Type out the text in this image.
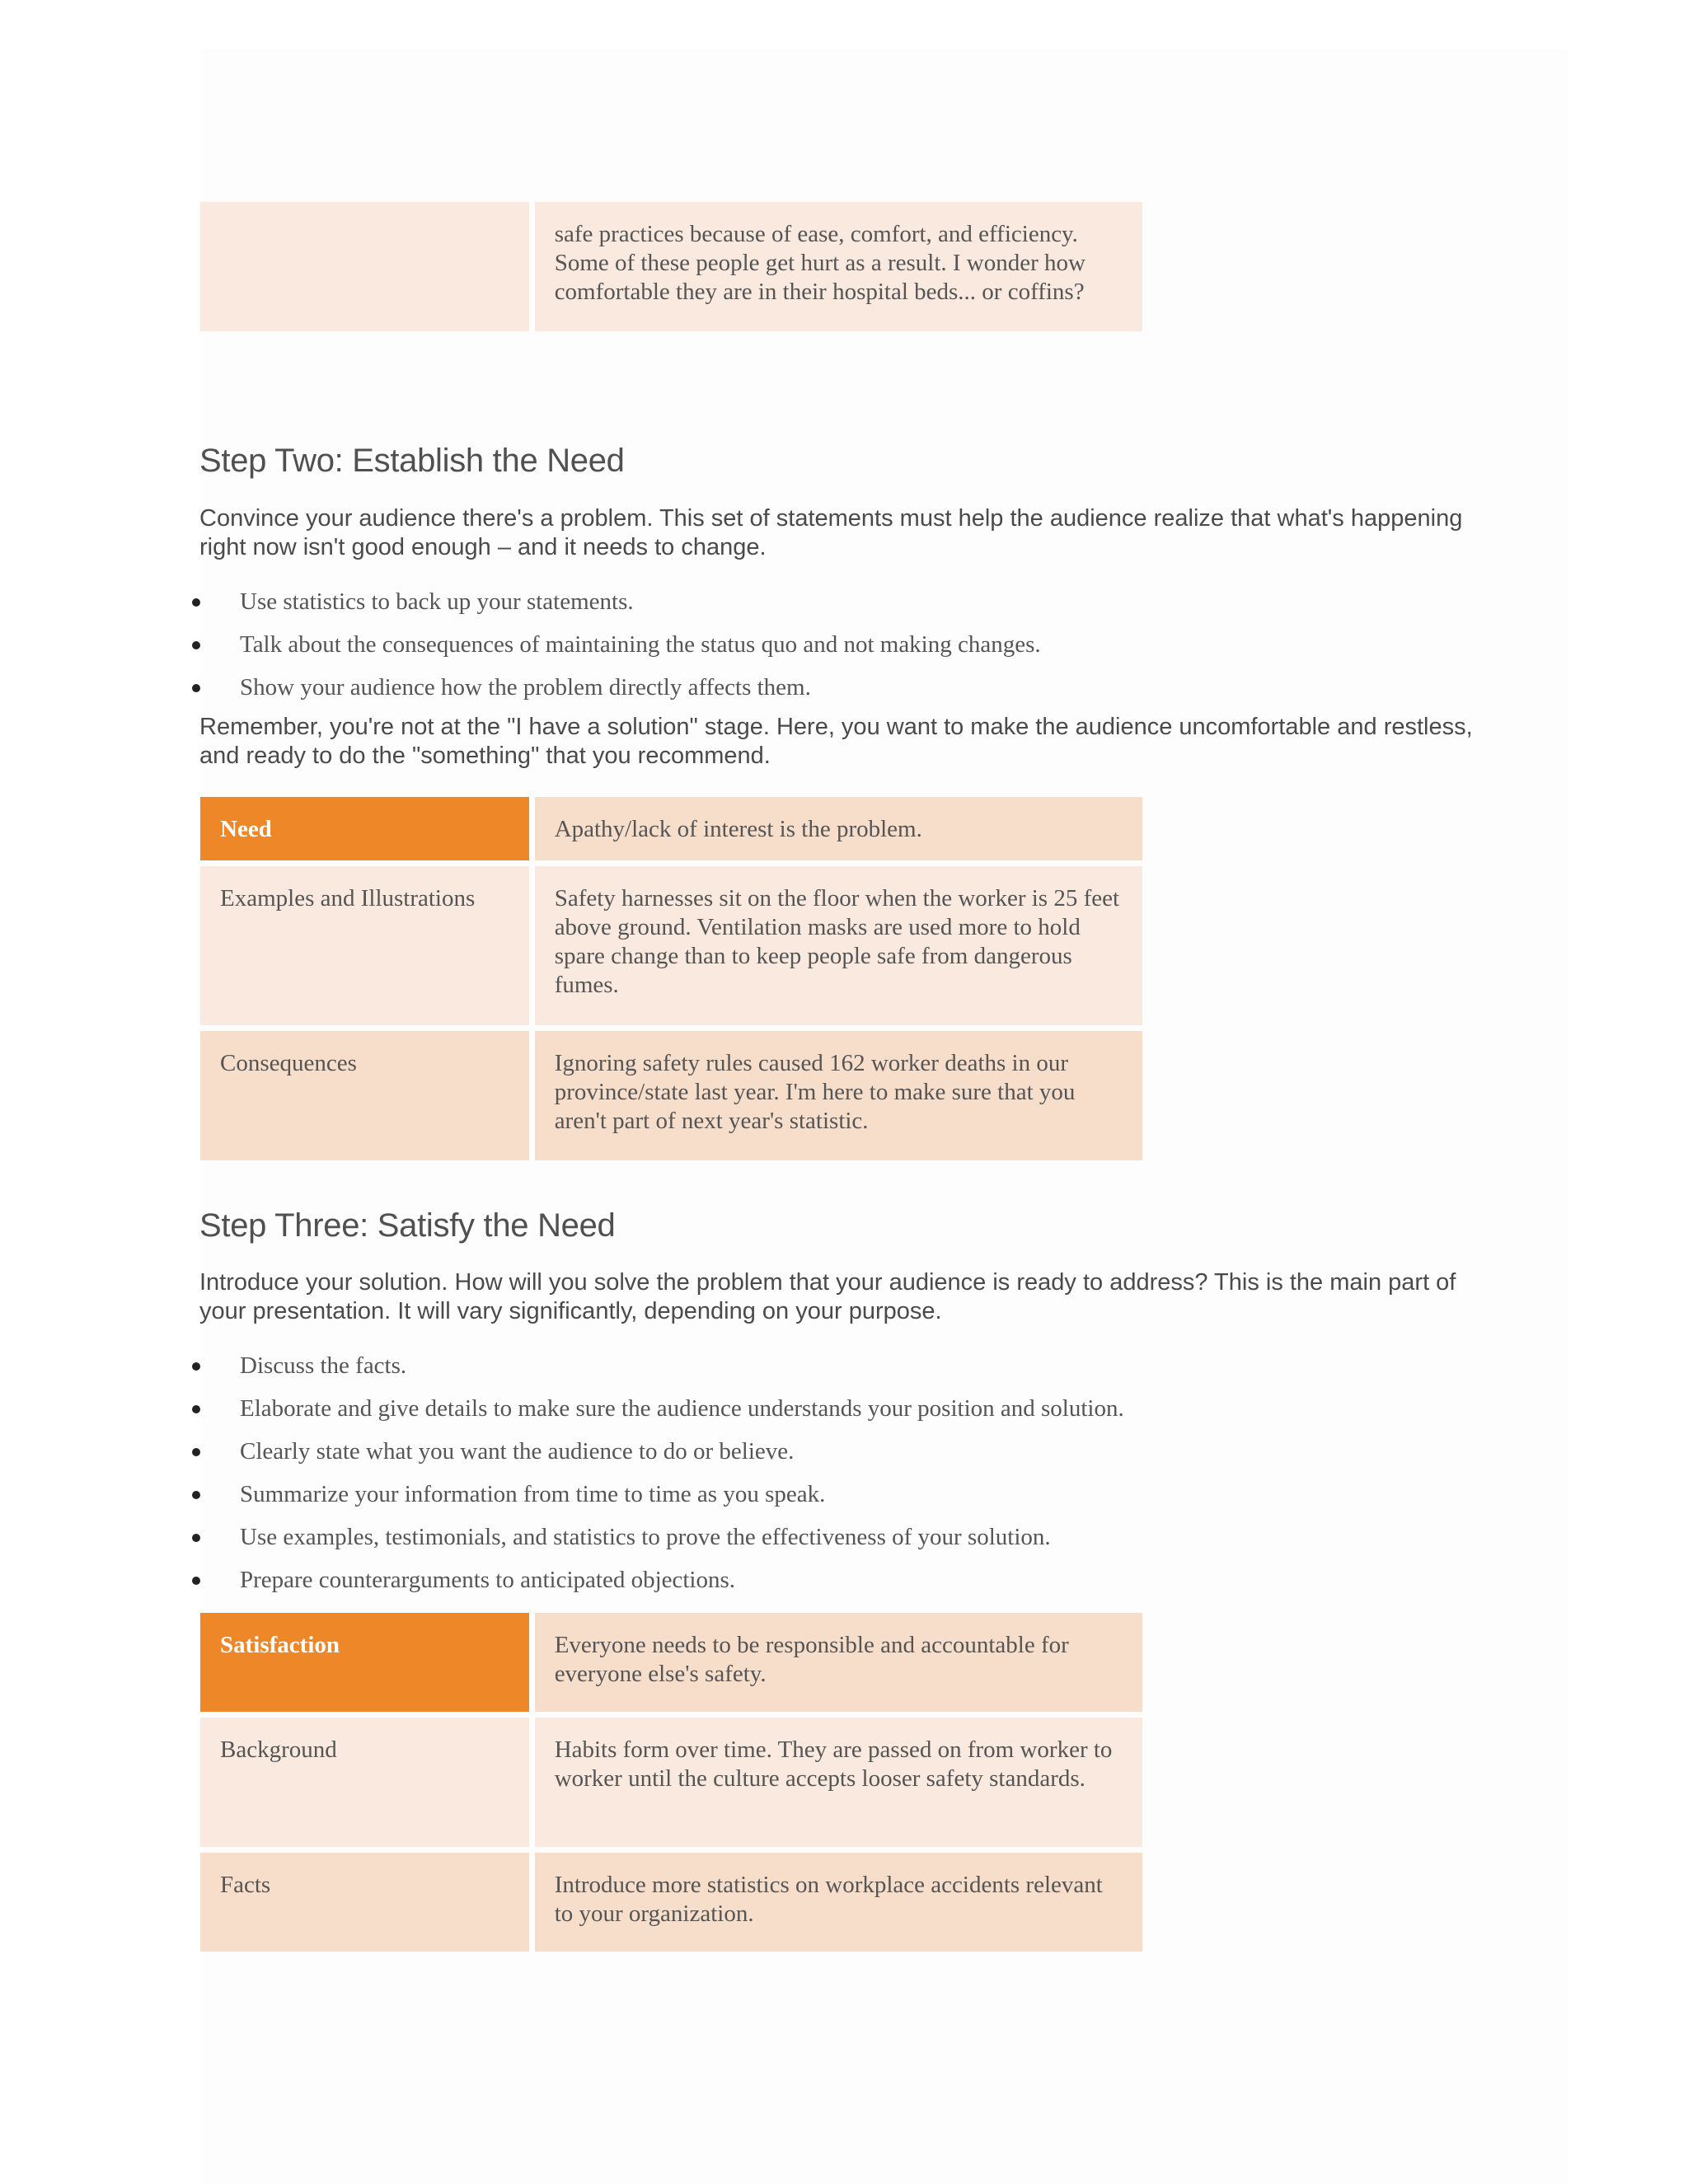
	safe practices because of ease, comfort, and efficiency. Some of these people get hurt as a result. I wonder how comfortable they are in their hospital beds... or coffins?
Step Two: Establish the Need

Convince your audience there's a problem. This set of statements must help the audience realize that what's happening right now isn't good enough – and it needs to change.

Use statistics to back up your statements.
Talk about the consequences of maintaining the status quo and not making changes.
Show your audience how the problem directly affects them.

Remember, you're not at the "I have a solution" stage. Here, you want to make the audience uncomfortable and restless, and ready to do the "something" that you recommend.

Need	Apathy/lack of interest is the problem.
Examples and Illustrations	Safety harnesses sit on the floor when the worker is 25 feet above ground. Ventilation masks are used more to hold spare change than to keep people safe from dangerous fumes.
Consequences	Ignoring safety rules caused 162 worker deaths in our province/state last year. I'm here to make sure that you aren't part of next year's statistic.
Step Three: Satisfy the Need

Introduce your solution. How will you solve the problem that your audience is ready to address? This is the main part of your presentation. It will vary significantly, depending on your purpose.

Discuss the facts.
Elaborate and give details to make sure the audience understands your position and solution.
Clearly state what you want the audience to do or believe.
Summarize your information from time to time as you speak.
Use examples, testimonials, and statistics to prove the effectiveness of your solution.
Prepare counterarguments to anticipated objections.
Satisfaction	Everyone needs to be responsible and accountable for everyone else's safety.
Background	Habits form over time. They are passed on from worker to worker until the culture accepts looser safety standards.
Facts	Introduce more statistics on workplace accidents relevant to your organization.
